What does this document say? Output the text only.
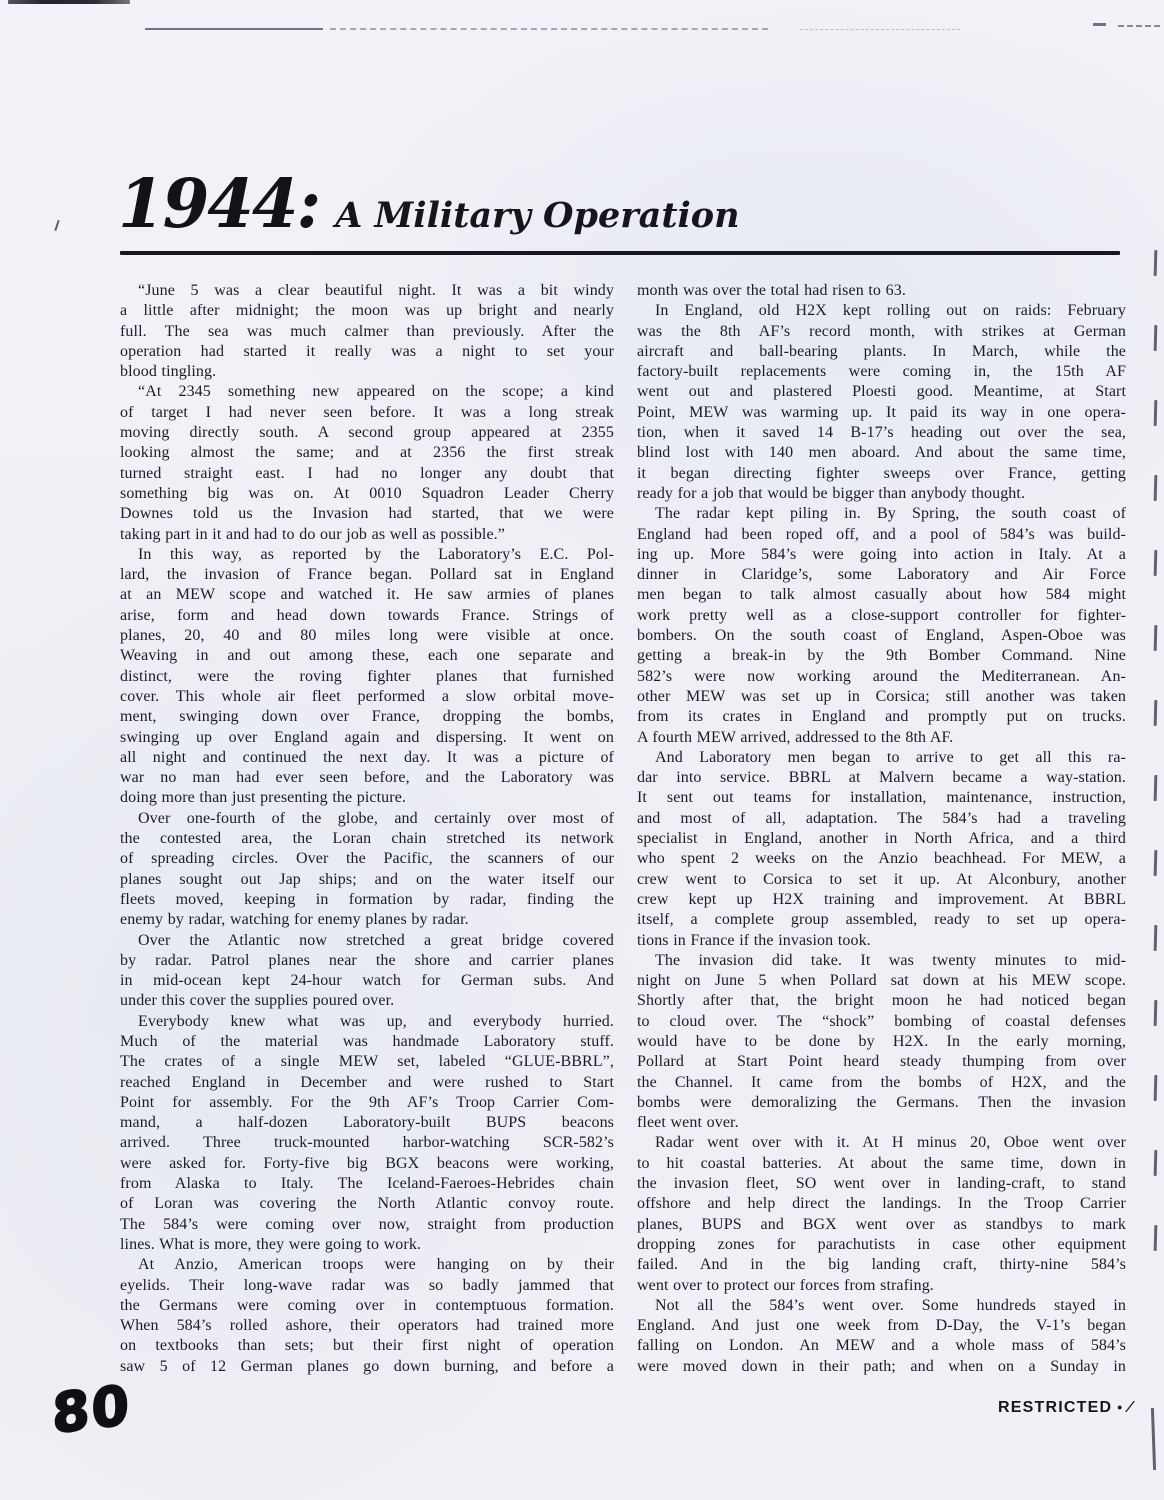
1944: A Military Operation
“June 5 was a clear beautiful night. It was a bit windy
a little after midnight; the moon was up bright and nearly
full. The sea was much calmer than previously. After the
operation had started it really was a night to set your
blood tingling.
“At 2345 something new appeared on the scope; a kind
of target I had never seen before. It was a long streak
moving directly south. A second group appeared at 2355
looking almost the same; and at 2356 the first streak
turned straight east. I had no longer any doubt that
something big was on. At 0010 Squadron Leader Cherry
Downes told us the Invasion had started, that we were
taking part in it and had to do our job as well as possible.”
In this way, as reported by the Laboratory’s E.C. Pol-
lard, the invasion of France began. Pollard sat in England
at an MEW scope and watched it. He saw armies of planes
arise, form and head down towards France. Strings of
planes, 20, 40 and 80 miles long were visible at once.
Weaving in and out among these, each one separate and
distinct, were the roving fighter planes that furnished
cover. This whole air fleet performed a slow orbital move-
ment, swinging down over France, dropping the bombs,
swinging up over England again and dispersing. It went on
all night and continued the next day. It was a picture of
war no man had ever seen before, and the Laboratory was
doing more than just presenting the picture.
Over one-fourth of the globe, and certainly over most of
the contested area, the Loran chain stretched its network
of spreading circles. Over the Pacific, the scanners of our
planes sought out Jap ships; and on the water itself our
fleets moved, keeping in formation by radar, finding the
enemy by radar, watching for enemy planes by radar.
Over the Atlantic now stretched a great bridge covered
by radar. Patrol planes near the shore and carrier planes
in mid-ocean kept 24-hour watch for German subs. And
under this cover the supplies poured over.
Everybody knew what was up, and everybody hurried.
Much of the material was handmade Laboratory stuff.
The crates of a single MEW set, labeled “GLUE-BBRL”,
reached England in December and were rushed to Start
Point for assembly. For the 9th AF’s Troop Carrier Com-
mand, a half-dozen Laboratory-built BUPS beacons
arrived. Three truck-mounted harbor-watching SCR-582’s
were asked for. Forty-five big BGX beacons were working,
from Alaska to Italy. The Iceland-Faeroes-Hebrides chain
of Loran was covering the North Atlantic convoy route.
The 584’s were coming over now, straight from production
lines. What is more, they were going to work.
At Anzio, American troops were hanging on by their
eyelids. Their long-wave radar was so badly jammed that
the Germans were coming over in contemptuous formation.
When 584’s rolled ashore, their operators had trained more
on textbooks than sets; but their first night of operation
saw 5 of 12 German planes go down burning, and before a
month was over the total had risen to 63.
In England, old H2X kept rolling out on raids: February
was the 8th AF’s record month, with strikes at German
aircraft and ball-bearing plants. In March, while the
factory-built replacements were coming in, the 15th AF
went out and plastered Ploesti good. Meantime, at Start
Point, MEW was warming up. It paid its way in one opera-
tion, when it saved 14 B-17’s heading out over the sea,
blind lost with 140 men aboard. And about the same time,
it began directing fighter sweeps over France, getting
ready for a job that would be bigger than anybody thought.
The radar kept piling in. By Spring, the south coast of
England had been roped off, and a pool of 584’s was build-
ing up. More 584’s were going into action in Italy. At a
dinner in Claridge’s, some Laboratory and Air Force
men began to talk almost casually about how 584 might
work pretty well as a close-support controller for fighter-
bombers. On the south coast of England, Aspen-Oboe was
getting a break-in by the 9th Bomber Command. Nine
582’s were now working around the Mediterranean. An-
other MEW was set up in Corsica; still another was taken
from its crates in England and promptly put on trucks.
A fourth MEW arrived, addressed to the 8th AF.
And Laboratory men began to arrive to get all this ra-
dar into service. BBRL at Malvern became a way-station.
It sent out teams for installation, maintenance, instruction,
and most of all, adaptation. The 584’s had a traveling
specialist in England, another in North Africa, and a third
who spent 2 weeks on the Anzio beachhead. For MEW, a
crew went to Corsica to set it up. At Alconbury, another
crew kept up H2X training and improvement. At BBRL
itself, a complete group assembled, ready to set up opera-
tions in France if the invasion took.
The invasion did take. It was twenty minutes to mid-
night on June 5 when Pollard sat down at his MEW scope.
Shortly after that, the bright moon he had noticed began
to cloud over. The “shock” bombing of coastal defenses
would have to be done by H2X. In the early morning,
Pollard at Start Point heard steady thumping from over
the Channel. It came from the bombs of H2X, and the
bombs were demoralizing the Germans. Then the invasion
fleet went over.
Radar went over with it. At H minus 20, Oboe went over
to hit coastal batteries. At about the same time, down in
the invasion fleet, SO went over in landing-craft, to stand
offshore and help direct the landings. In the Troop Carrier
planes, BUPS and BGX went over as standbys to mark
dropping zones for parachutists in case other equipment
failed. And in the big landing craft, thirty-nine 584’s
went over to protect our forces from strafing.
Not all the 584’s went over. Some hundreds stayed in
England. And just one week from D-Day, the V-1’s began
falling on London. An MEW and a whole mass of 584’s
were moved down in their path; and when on a Sunday in
80	RESTRICTED • ⁄
